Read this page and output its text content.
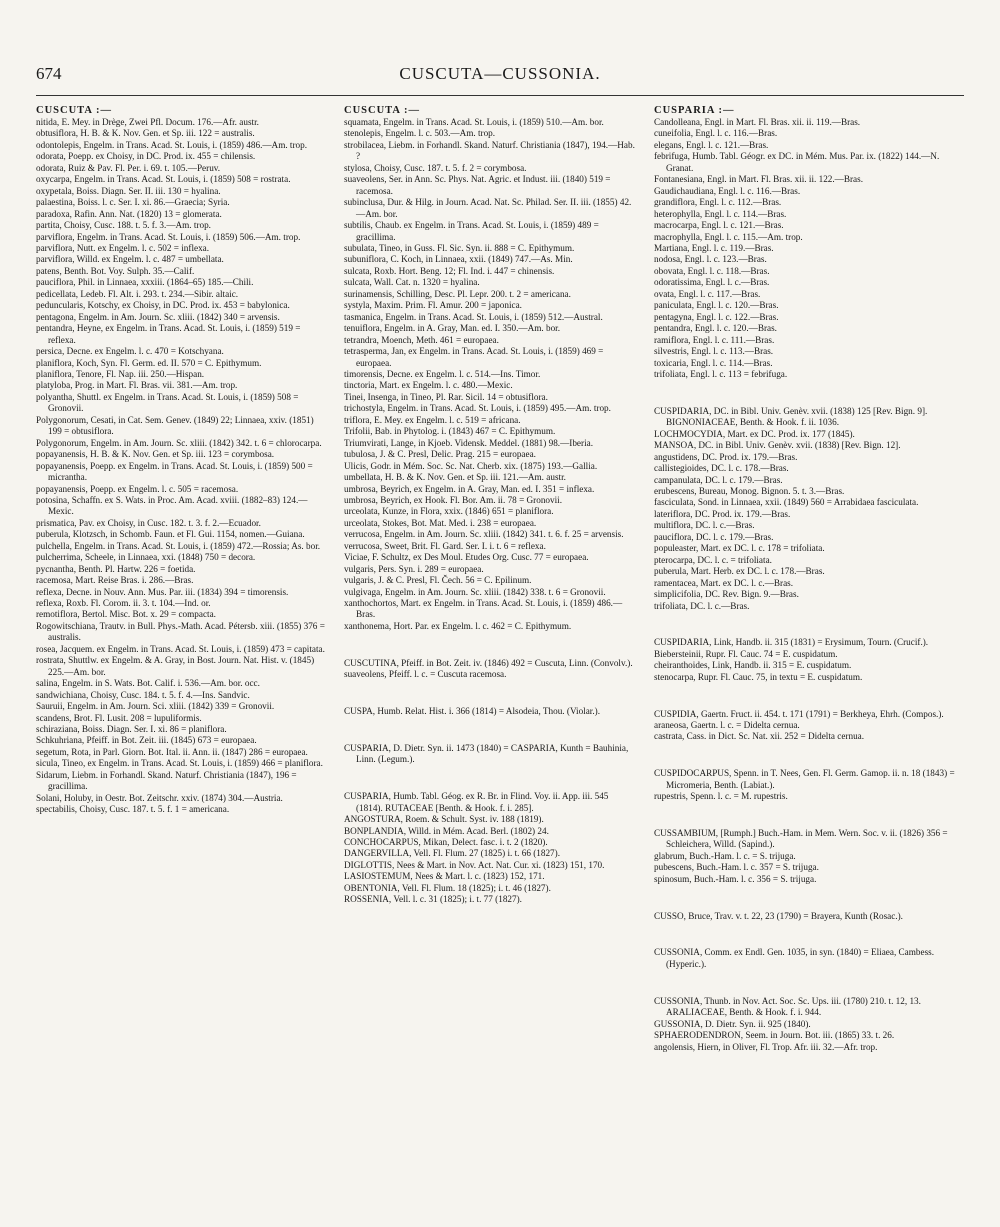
674	CUSCUTA—CUSSONIA.

CUSCUTA :—

nitida, E. Mey. in Drège, Zwei Pfl. Docum. 176.—Afr. austr.

obtusiflora, H. B. & K. Nov. Gen. et Sp. iii. 122 = australis.

odontolepis, Engelm. in Trans. Acad. St. Louis, i. (1859) 486.—Am. trop.

odorata, Poepp. ex Choisy, in DC. Prod. ix. 455 = chilensis.

odorata, Ruiz & Pav. Fl. Per. i. 69. t. 105.—Peruv.

oxycarpa, Engelm. in Trans. Acad. St. Louis, i. (1859) 508 = rostrata.

oxypetala, Boiss. Diagn. Ser. II. iii. 130 = hyalina.

palaestina, Boiss. l. c. Ser. I. xi. 86.—Graecia; Syria.

paradoxa, Rafin. Ann. Nat. (1820) 13 = glomerata.

partita, Choisy, Cusc. 188. t. 5. f. 3.—Am. trop.

parviflora, Engelm. in Trans. Acad. St. Louis, i. (1859) 506.—Am. trop.

parviflora, Nutt. ex Engelm. l. c. 502 = inflexa.

parviflora, Willd. ex Engelm. l. c. 487 = umbellata.

patens, Benth. Bot. Voy. Sulph. 35.—Calif.

pauciflora, Phil. in Linnaea, xxxiii. (1864–65) 185.—Chili.

pedicellata, Ledeb. Fl. Alt. i. 293. t. 234.—Sibir. altaic.

peduncularis, Kotschy, ex Choisy, in DC. Prod. ix. 453 = babylonica.

pentagona, Engelm. in Am. Journ. Sc. xliii. (1842) 340 = arvensis.

pentandra, Heyne, ex Engelm. in Trans. Acad. St. Louis, i. (1859) 519 = reflexa.

persica, Decne. ex Engelm. l. c. 470 = Kotschyana.

planiflora, Koch, Syn. Fl. Germ. ed. II. 570 = C. Epithymum.

planiflora, Tenore, Fl. Nap. iii. 250.—Hispan.

platyloba, Prog. in Mart. Fl. Bras. vii. 381.—Am. trop.

polyantha, Shuttl. ex Engelm. in Trans. Acad. St. Louis, i. (1859) 508 = Gronovii.

Polygonorum, Cesati, in Cat. Sem. Genev. (1849) 22; Linnaea, xxiv. (1851) 199 = obtusiflora.

Polygonorum, Engelm. in Am. Journ. Sc. xliii. (1842) 342. t. 6 = chlorocarpa.

popayanensis, H. B. & K. Nov. Gen. et Sp. iii. 123 = corymbosa.

popayanensis, Poepp. ex Engelm. in Trans. Acad. St. Louis, i. (1859) 500 = micrantha.

popayanensis, Poepp. ex Engelm. l. c. 505 = racemosa.

potosina, Schaffn. ex S. Wats. in Proc. Am. Acad. xviii. (1882–83) 124.—Mexic.

prismatica, Pav. ex Choisy, in Cusc. 182. t. 3. f. 2.—Ecuador.

puberula, Klotzsch, in Schomb. Faun. et Fl. Gui. 1154, nomen.—Guiana.

pulchella, Engelm. in Trans. Acad. St. Louis, i. (1859) 472.—Rossia; As. bor.

pulcherrima, Scheele, in Linnaea, xxi. (1848) 750 = decora.

pycnantha, Benth. Pl. Hartw. 226 = foetida.

racemosa, Mart. Reise Bras. i. 286.—Bras.

reflexa, Decne. in Nouv. Ann. Mus. Par. iii. (1834) 394 = timorensis.

reflexa, Roxb. Fl. Corom. ii. 3. t. 104.—Ind. or.

remotiflora, Bertol. Misc. Bot. x. 29 = compacta.

Rogowitschiana, Trautv. in Bull. Phys.-Math. Acad. Pétersb. xiii. (1855) 376 = australis.

rosea, Jacquem. ex Engelm. in Trans. Acad. St. Louis, i. (1859) 473 = capitata.

rostrata, Shuttlw. ex Engelm. & A. Gray, in Bost. Journ. Nat. Hist. v. (1845) 225.—Am. bor.

salina, Engelm. in S. Wats. Bot. Calif. i. 536.—Am. bor. occ.

sandwichiana, Choisy, Cusc. 184. t. 5. f. 4.—Ins. Sandvic.

Sauruii, Engelm. in Am. Journ. Sci. xliii. (1842) 339 = Gronovii.

scandens, Brot. Fl. Lusit. 208 = lupuliformis.

schiraziana, Boiss. Diagn. Ser. I. xi. 86 = planiflora.

Schkuhriana, Pfeiff. in Bot. Zeit. iii. (1845) 673 = europaea.

segetum, Rota, in Parl. Giorn. Bot. Ital. ii. Ann. ii. (1847) 286 = europaea.

sicula, Tineo, ex Engelm. in Trans. Acad. St. Louis, i. (1859) 466 = planiflora.

Sidarum, Liebm. in Forhandl. Skand. Naturf. Christiania (1847), 196 = gracillima.

Solani, Holuby, in Oestr. Bot. Zeitschr. xxiv. (1874) 304.—Austria.

spectabilis, Choisy, Cusc. 187. t. 5. f. 1 = americana.

CUSCUTA :—

squamata, Engelm. in Trans. Acad. St. Louis, i. (1859) 510.—Am. bor.

stenolepis, Engelm. l. c. 503.—Am. trop.

strobilacea, Liebm. in Forhandl. Skand. Naturf. Christiania (1847), 194.—Hab. ?

stylosa, Choisy, Cusc. 187. t. 5. f. 2 = corymbosa.

suaveolens, Ser. in Ann. Sc. Phys. Nat. Agric. et Indust. iii. (1840) 519 = racemosa.

subinclusa, Dur. & Hilg. in Journ. Acad. Nat. Sc. Philad. Ser. II. iii. (1855) 42.—Am. bor.

subtilis, Chaub. ex Engelm. in Trans. Acad. St. Louis, i. (1859) 489 = gracillima.

subulata, Tineo, in Guss. Fl. Sic. Syn. ii. 888 = C. Epithymum.

subuniflora, C. Koch, in Linnaea, xxii. (1849) 747.—As. Min.

sulcata, Roxb. Hort. Beng. 12; Fl. Ind. i. 447 = chinensis.

sulcata, Wall. Cat. n. 1320 = hyalina.

surinamensis, Schilling, Desc. Pl. Lepr. 200. t. 2 = americana.

systyla, Maxim. Prim. Fl. Amur. 200 = japonica.

tasmanica, Engelm. in Trans. Acad. St. Louis, i. (1859) 512.—Austral.

tenuiflora, Engelm. in A. Gray, Man. ed. I. 350.—Am. bor.

tetrandra, Moench, Meth. 461 = europaea.

tetrasperma, Jan, ex Engelm. in Trans. Acad. St. Louis, i. (1859) 469 = europaea.

timorensis, Decne. ex Engelm. l. c. 514.—Ins. Timor.

tinctoria, Mart. ex Engelm. l. c. 480.—Mexic.

Tinei, Insenga, in Tineo, Pl. Rar. Sicil. 14 = obtusiflora.

trichostyla, Engelm. in Trans. Acad. St. Louis, i. (1859) 495.—Am. trop.

triflora, E. Mey. ex Engelm. l. c. 519 = africana.

Trifolii, Bab. in Phytolog. i. (1843) 467 = C. Epithymum.

Triumvirati, Lange, in Kjoeb. Vidensk. Meddel. (1881) 98.—Iberia.

tubulosa, J. & C. Presl, Delic. Prag. 215 = europaea.

Ulicis, Godr. in Mém. Soc. Sc. Nat. Cherb. xix. (1875) 193.—Gallia.

umbellata, H. B. & K. Nov. Gen. et Sp. iii. 121.—Am. austr.

umbrosa, Beyrich, ex Engelm. in A. Gray, Man. ed. I. 351 = inflexa.

umbrosa, Beyrich, ex Hook. Fl. Bor. Am. ii. 78 = Gronovii.

urceolata, Kunze, in Flora, xxix. (1846) 651 = planiflora.

urceolata, Stokes, Bot. Mat. Med. i. 238 = europaea.

verrucosa, Engelm. in Am. Journ. Sc. xliii. (1842) 341. t. 6. f. 25 = arvensis.

verrucosa, Sweet, Brit. Fl. Gard. Ser. I. i. t. 6 = reflexa.

Viciae, F. Schultz, ex Des Moul. Etudes Org. Cusc. 77 = europaea.

vulgaris, Pers. Syn. i. 289 = europaea.

vulgaris, J. & C. Presl, Fl. Čech. 56 = C. Epilinum.

vulgivaga, Engelm. in Am. Journ. Sc. xliii. (1842) 338. t. 6 = Gronovii.

xanthochortos, Mart. ex Engelm. in Trans. Acad. St. Louis, i. (1859) 486.—Bras.

xanthonema, Hort. Par. ex Engelm. l. c. 462 = C. Epithymum.

CUSCUTINA, Pfeiff. in Bot. Zeit. iv. (1846) 492 = Cuscuta, Linn. (Convolv.).

suaveolens, Pfeiff. l. c. = Cuscuta racemosa.

CUSPA, Humb. Relat. Hist. i. 366 (1814) = Alsodeia, Thou. (Violar.).

CUSPARIA, D. Dietr. Syn. ii. 1473 (1840) = CASPARIA, Kunth = Bauhinia, Linn. (Legum.).

CUSPARIA, Humb. Tabl. Géog. ex R. Br. in Flind. Voy. ii. App. iii. 545 (1814). RUTACEAE [Benth. & Hook. f. i. 285].

ANGOSTURA, Roem. & Schult. Syst. iv. 188 (1819).

BONPLANDIA, Willd. in Mém. Acad. Berl. (1802) 24.

CONCHOCARPUS, Mikan, Delect. fasc. i. t. 2 (1820).

DANGERVILLA, Vell. Fl. Flum. 27 (1825) i. t. 66 (1827).

DIGLOTTIS, Nees & Mart. in Nov. Act. Nat. Cur. xi. (1823) 151, 170.

LASIOSTEMUM, Nees & Mart. l. c. (1823) 152, 171.

OBENTONIA, Vell. Fl. Flum. 18 (1825); i. t. 46 (1827).

ROSSENIA, Vell. l. c. 31 (1825); i. t. 77 (1827).

CUSPARIA :—

Candolleana, Engl. in Mart. Fl. Bras. xii. ii. 119.—Bras.

cuneifolia, Engl. l. c. 116.—Bras.

elegans, Engl. l. c. 121.—Bras.

febrifuga, Humb. Tabl. Géogr. ex DC. in Mém. Mus. Par. ix. (1822) 144.—N. Granat.

Fontanesiana, Engl. in Mart. Fl. Bras. xii. ii. 122.—Bras.

Gaudichaudiana, Engl. l. c. 116.—Bras.

grandiflora, Engl. l. c. 112.—Bras.

heterophylla, Engl. l. c. 114.—Bras.

macrocarpa, Engl. l. c. 121.—Bras.

macrophylla, Engl. l. c. 115.—Am. trop.

Martiana, Engl. l. c. 119.—Bras.

nodosa, Engl. l. c. 123.—Bras.

obovata, Engl. l. c. 118.—Bras.

odoratissima, Engl. l. c.—Bras.

ovata, Engl. l. c. 117.—Bras.

paniculata, Engl. l. c. 120.—Bras.

pentagyna, Engl. l. c. 122.—Bras.

pentandra, Engl. l. c. 120.—Bras.

ramiflora, Engl. l. c. 111.—Bras.

silvestris, Engl. l. c. 113.—Bras.

toxicaria, Engl. l. c. 114.—Bras.

trifoliata, Engl. l. c. 113 = febrifuga.

CUSPIDARIA, DC. in Bibl. Univ. Genèv. xvii. (1838) 125 [Rev. Bign. 9]. BIGNONIACEAE, Benth. & Hook. f. ii. 1036.

LOCHMOCYDIA, Mart. ex DC. Prod. ix. 177 (1845).

MANSOA, DC. in Bibl. Univ. Genèv. xvii. (1838) [Rev. Bign. 12].

angustidens, DC. Prod. ix. 179.—Bras.

callistegioides, DC. l. c. 178.—Bras.

campanulata, DC. l. c. 179.—Bras.

erubescens, Bureau, Monog. Bignon. 5. t. 3.—Bras.

fasciculata, Sond. in Linnaea, xxii. (1849) 560 = Arrabidaea fasciculata.

lateriflora, DC. Prod. ix. 179.—Bras.

multiflora, DC. l. c.—Bras.

pauciflora, DC. l. c. 179.—Bras.

populeaster, Mart. ex DC. l. c. 178 = trifoliata.

pterocarpa, DC. l. c. = trifoliata.

puberula, Mart. Herb. ex DC. l. c. 178.—Bras.

ramentacea, Mart. ex DC. l. c.—Bras.

simplicifolia, DC. Rev. Bign. 9.—Bras.

trifoliata, DC. l. c.—Bras.

CUSPIDARIA, Link, Handb. ii. 315 (1831) = Erysimum, Tourn. (Crucif.).

Biebersteinii, Rupr. Fl. Cauc. 74 = E. cuspidatum.

cheiranthoides, Link, Handb. ii. 315 = E. cuspidatum.

stenocarpa, Rupr. Fl. Cauc. 75, in textu = E. cuspidatum.

CUSPIDIA, Gaertn. Fruct. ii. 454. t. 171 (1791) = Berkheya, Ehrh. (Compos.).

araneosa, Gaertn. l. c. = Didelta cernua.

castrata, Cass. in Dict. Sc. Nat. xii. 252 = Didelta cernua.

CUSPIDOCARPUS, Spenn. in T. Nees, Gen. Fl. Germ. Gamop. ii. n. 18 (1843) = Micromeria, Benth. (Labiat.).

rupestris, Spenn. l. c. = M. rupestris.

CUSSAMBIUM, [Rumph.] Buch.-Ham. in Mem. Wern. Soc. v. ii. (1826) 356 = Schleichera, Willd. (Sapind.).

glabrum, Buch.-Ham. l. c. = S. trijuga.

pubescens, Buch.-Ham. l. c. 357 = S. trijuga.

spinosum, Buch.-Ham. l. c. 356 = S. trijuga.

CUSSO, Bruce, Trav. v. t. 22, 23 (1790) = Brayera, Kunth (Rosac.).

CUSSONIA, Comm. ex Endl. Gen. 1035, in syn. (1840) = Eliaea, Cambess. (Hyperic.).

CUSSONIA, Thunb. in Nov. Act. Soc. Sc. Ups. iii. (1780) 210. t. 12, 13. ARALIACEAE, Benth. & Hook. f. i. 944.

GUSSONIA, D. Dietr. Syn. ii. 925 (1840).

SPHAERODENDRON, Seem. in Journ. Bot. iii. (1865) 33. t. 26.

angolensis, Hiern, in Oliver, Fl. Trop. Afr. iii. 32.—Afr. trop.
